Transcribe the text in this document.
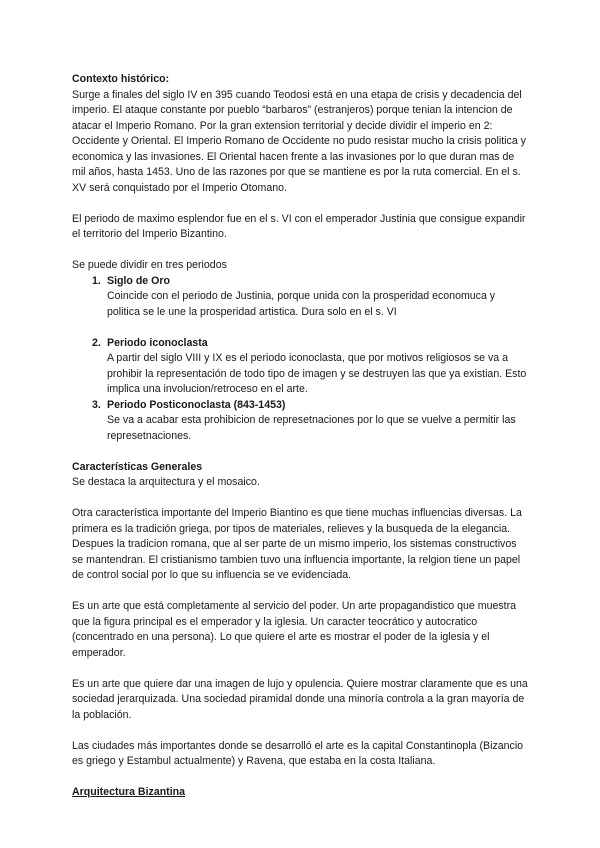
Contexto histórico:

Surge a finales del siglo IV en 395 cuando Teodosi está en una etapa de crisis y decadencia del imperio. El ataque constante por pueblo “barbaros” (estranjeros) porque tenian la intencion de atacar el Imperio Romano. Por la gran extension territorial y decide dividir el imperio en 2: Occidente y Oriental. El Imperio Romano de Occidente no pudo resistar mucho la crisis politica y economica y las invasiones. El Oriental hacen frente a las invasiones por lo que duran mas de mil años, hasta 1453. Uno de las razones por que se mantiene es por la ruta comercial. En el s. XV será conquistado por el Imperio Otomano.

El periodo de maximo esplendor fue en el s. VI con el emperador Justinia que consigue expandir el territorio del Imperio Bizantino.

Se puede dividir en tres periodos

1. Siglo de Oro
Coincide con el periodo de Justinia, porque unida con la prosperidad economuca y politica se le une la prosperidad artistica. Dura solo en el s. VI
2. Periodo iconoclasta
A partir del siglo VIII y IX es el periodo iconoclasta, que por motivos religiosos se va a prohibir la representación de todo tipo de imagen y se destruyen las que ya existian. Esto implica una involucion/retroceso en el arte.
3. Periodo Posticonoclasta (843-1453)
Se va a acabar esta prohibicion de represetnaciones por lo que se vuelve a permitir las represetnaciones.

Características Generales

Se destaca la arquitectura y el mosaico.

Otra característica importante del Imperio Biantino es que tiene muchas influencias diversas. La primera es la tradición griega, por tipos de materiales, relieves y la busqueda de la elegancia. Despues la tradicion romana, que al ser parte de un mismo imperio, los sistemas constructivos se mantendran. El cristianismo tambien tuvo una influencia importante, la relgion tiene un papel de control social por lo que su influencia se ve evidenciada.

Es un arte que está completamente al servicio del poder. Un arte propagandistico que muestra que la figura principal es el emperador y la iglesia. Un caracter teocrático y autocratico (concentrado en una persona). Lo que quiere el arte es mostrar el poder de la iglesia y el emperador.

Es un arte que quiere dar una imagen de lujo y opulencia. Quiere mostrar claramente que es una sociedad jerarquizada. Una sociedad piramidal donde una minoría controla a la gran mayoría de la población.

Las ciudades más importantes donde se desarrolló el arte es la capital Constantinopla (Bizancio es griego y Estambul actualmente) y Ravena, que estaba en la costa Italiana.

Arquitectura Bizantina
